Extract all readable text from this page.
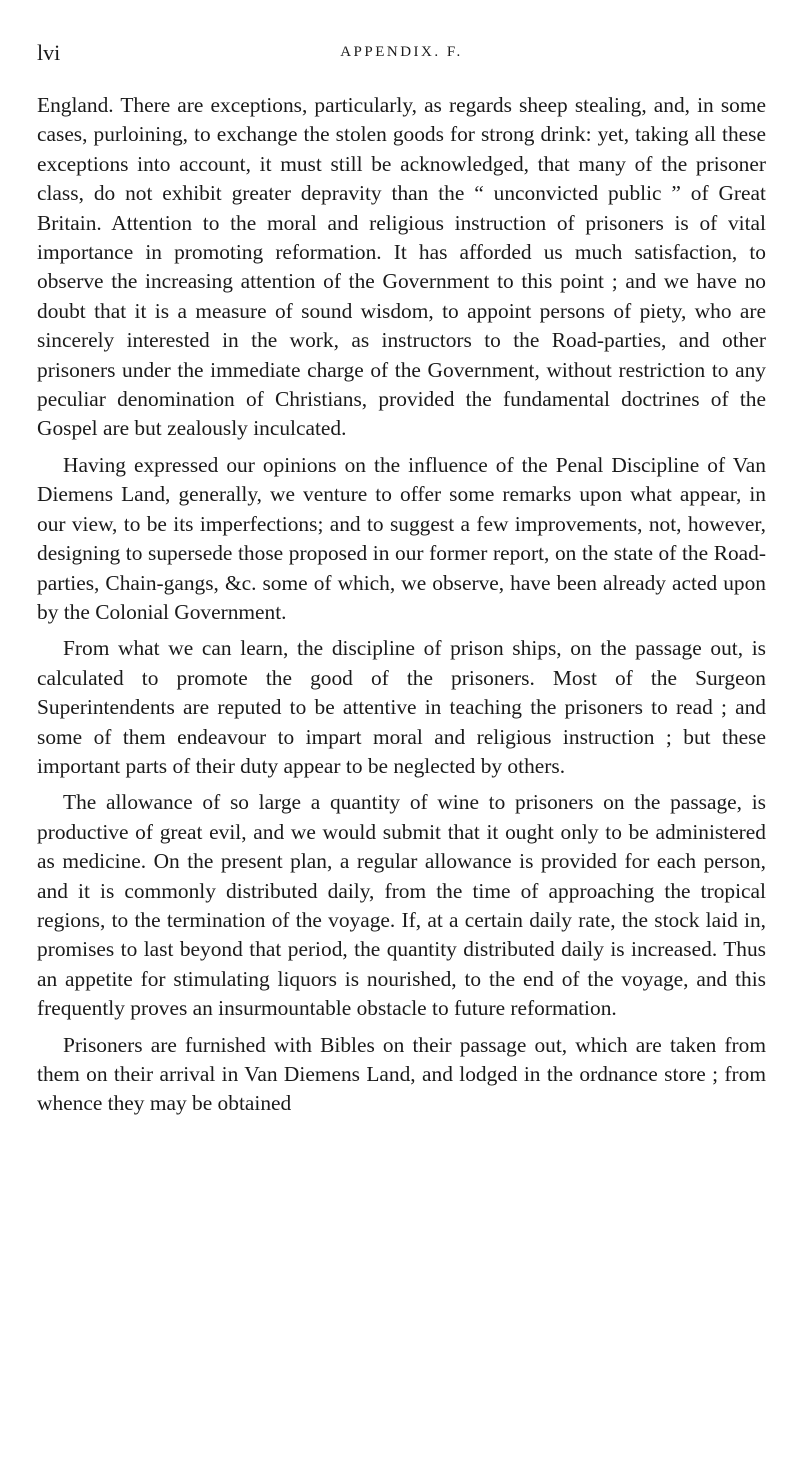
lvi	APPENDIX. F.

England. There are exceptions, particularly, as regards sheep stealing, and, in some cases, purloining, to exchange the stolen goods for strong drink: yet, taking all these exceptions into account, it must still be acknowledged, that many of the prisoner class, do not exhibit greater depravity than the “ unconvicted public ” of Great Britain. Attention to the moral and religious instruction of prisoners is of vital importance in promoting reformation. It has afforded us much satisfaction, to observe the increasing attention of the Government to this point ; and we have no doubt that it is a measure of sound wisdom, to appoint persons of piety, who are sincerely interested in the work, as instructors to the Road-parties, and other prisoners under the immediate charge of the Government, without restriction to any peculiar denomination of Christians, provided the fundamental doctrines of the Gospel are but zealously inculcated.

Having expressed our opinions on the influence of the Penal Discipline of Van Diemens Land, generally, we venture to offer some remarks upon what appear, in our view, to be its imperfections; and to suggest a few improvements, not, however, designing to supersede those proposed in our former report, on the state of the Road-parties, Chain-gangs, &c. some of which, we observe, have been already acted upon by the Colonial Government.

From what we can learn, the discipline of prison ships, on the passage out, is calculated to promote the good of the prisoners. Most of the Surgeon Superintendents are reputed to be attentive in teaching the prisoners to read ; and some of them endeavour to impart moral and religious instruction ; but these important parts of their duty appear to be neglected by others.

The allowance of so large a quantity of wine to prisoners on the passage, is productive of great evil, and we would submit that it ought only to be administered as medicine. On the present plan, a regular allowance is provided for each person, and it is commonly distributed daily, from the time of approaching the tropical regions, to the termination of the voyage. If, at a certain daily rate, the stock laid in, promises to last beyond that period, the quantity distributed daily is increased. Thus an appetite for stimulating liquors is nourished, to the end of the voyage, and this frequently proves an insurmountable obstacle to future reformation.

Prisoners are furnished with Bibles on their passage out, which are taken from them on their arrival in Van Diemens Land, and lodged in the ordnance store ; from whence they may be obtained
